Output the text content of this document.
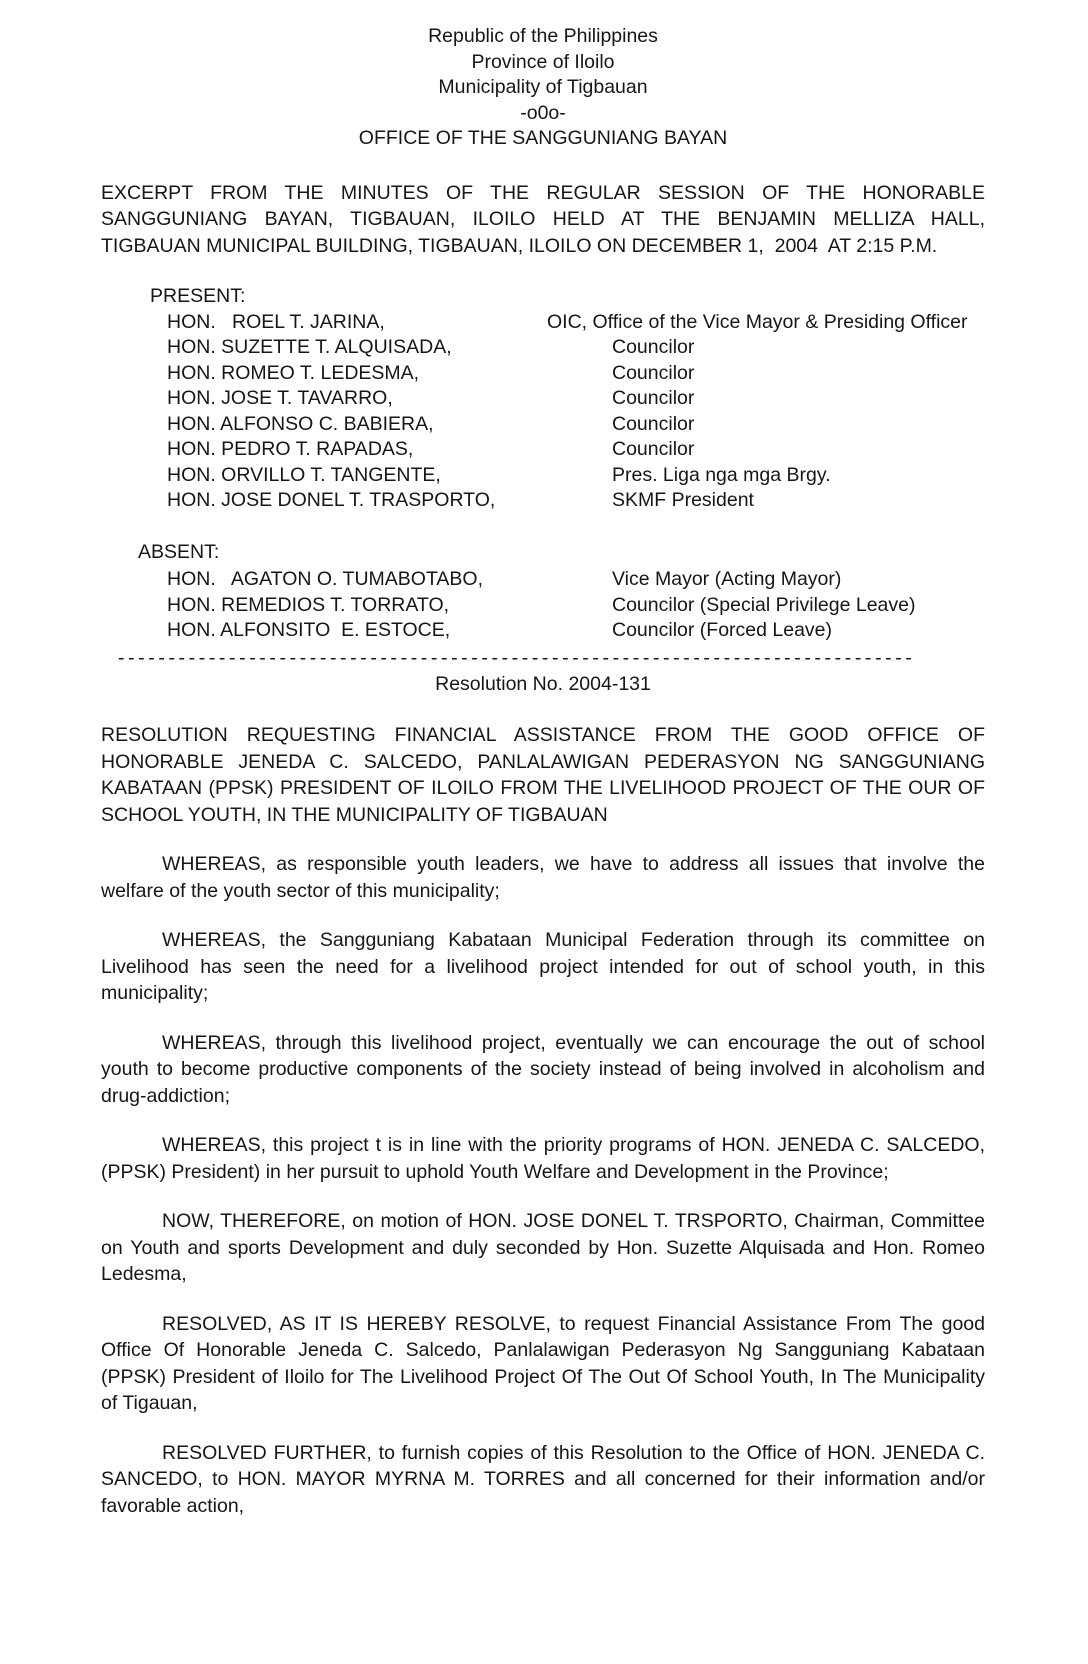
Republic of the Philippines
Province of Iloilo
Municipality of Tigbauan
-o0o-
OFFICE OF THE SANGGUNIANG BAYAN
EXCERPT FROM THE MINUTES OF THE REGULAR SESSION OF THE HONORABLE
SANGGUNIANG BAYAN, TIGBAUAN, ILOILO HELD AT THE BENJAMIN MELLIZA HALL,
TIGBAUAN MUNICIPAL BUILDING, TIGBAUAN, ILOILO ON DECEMBER 1,  2004  AT 2:15 P.M.
PRESENT:
HON.   ROEL T. JARINA,	OIC, Office of the Vice Mayor & Presiding Officer
HON. SUZETTE T. ALQUISADA,	Councilor
HON. ROMEO T. LEDESMA,	Councilor
HON. JOSE T. TAVARRO,	Councilor
HON. ALFONSO C. BABIERA,	Councilor
HON. PEDRO T. RAPADAS,	Councilor
HON. ORVILLO T. TANGENTE,	Pres. Liga nga mga Brgy.
HON. JOSE DONEL T. TRASPORTO,	SKMF President
ABSENT:
HON.   AGATON O. TUMABOTABO,	Vice Mayor (Acting Mayor)
HON. REMEDIOS T. TORRATO,	Councilor (Special Privilege Leave)
HON. ALFONSITO  E. ESTOCE,	Councilor (Forced Leave)
-------------------------------------------------------------------------------
Resolution No. 2004-131
RESOLUTION REQUESTING FINANCIAL ASSISTANCE FROM THE GOOD OFFICE OF
HONORABLE JENEDA C. SALCEDO, PANLALAWIGAN PEDERASYON NG SANGGUNIANG
KABATAAN (PPSK) PRESIDENT OF ILOILO FROM THE LIVELIHOOD PROJECT OF THE OUR OF
SCHOOL YOUTH, IN THE MUNICIPALITY OF TIGBAUAN
WHEREAS, as responsible youth leaders, we have to address all issues that involve the
welfare of the youth sector of this municipality;
WHEREAS, the Sangguniang Kabataan Municipal Federation through its committee on
Livelihood has seen the need for a livelihood project intended for out of school youth, in this
municipality;
WHEREAS, through this livelihood project, eventually we can encourage the out of school
youth to become productive components of the society instead of being involved in alcoholism and
drug-addiction;
WHEREAS, this project t is in line with the priority programs of HON. JENEDA C. SALCEDO,
(PPSK) President) in her pursuit to uphold Youth Welfare and Development in the Province;
NOW, THEREFORE, on motion of HON. JOSE DONEL T. TRSPORTO, Chairman, Committee
on Youth and sports Development and duly seconded by Hon. Suzette Alquisada and Hon. Romeo
Ledesma,
RESOLVED, AS IT IS HEREBY RESOLVE, to request Financial Assistance From The good
Office Of Honorable Jeneda C. Salcedo, Panlalawigan Pederasyon Ng Sangguniang Kabataan
(PPSK) President of Iloilo for The Livelihood Project Of The Out Of School Youth, In The Municipality
of Tigauan,
RESOLVED FURTHER, to furnish copies of this Resolution to the Office of HON. JENEDA C.
SANCEDO, to HON. MAYOR MYRNA M. TORRES and all concerned for their information and/or
favorable action,
